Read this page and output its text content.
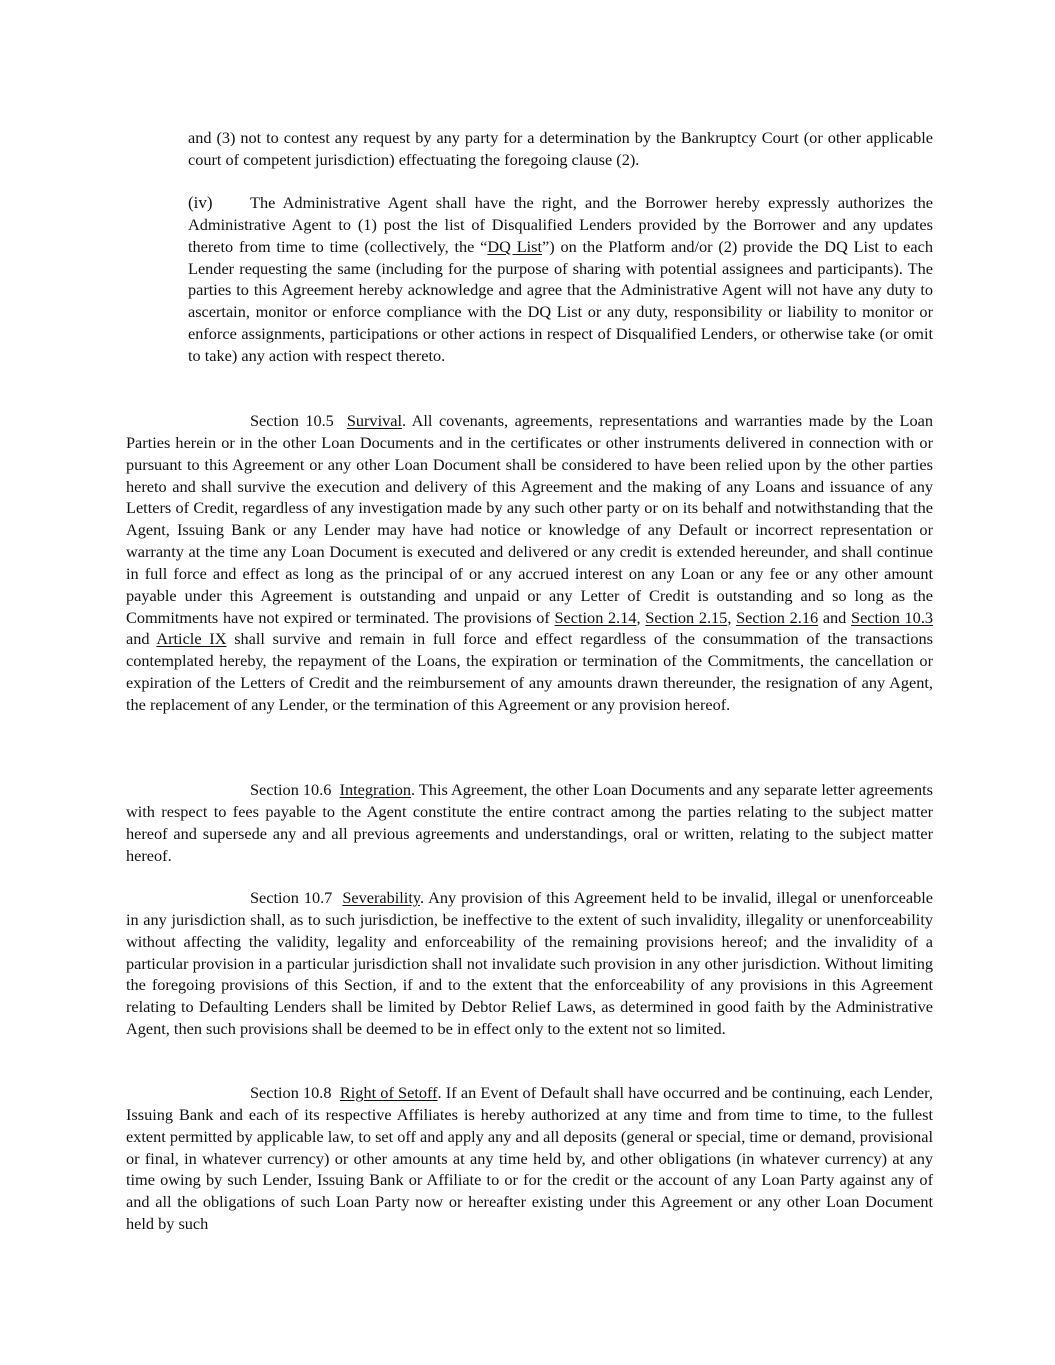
and (3) not to contest any request by any party for a determination by the Bankruptcy Court (or other applicable court of competent jurisdiction) effectuating the foregoing clause (2).

(iv) The Administrative Agent shall have the right, and the Borrower hereby expressly authorizes the Administrative Agent to (1) post the list of Disqualified Lenders provided by the Borrower and any updates thereto from time to time (collectively, the “DQ List”) on the Platform and/or (2) provide the DQ List to each Lender requesting the same (including for the purpose of sharing with potential assignees and participants). The parties to this Agreement hereby acknowledge and agree that the Administrative Agent will not have any duty to ascertain, monitor or enforce compliance with the DQ List or any duty, responsibility or liability to monitor or enforce assignments, participations or other actions in respect of Disqualified Lenders, or otherwise take (or omit to take) any action with respect thereto.

Section 10.5 Survival. All covenants, agreements, representations and warranties made by the Loan Parties herein or in the other Loan Documents and in the certificates or other instruments delivered in connection with or pursuant to this Agreement or any other Loan Document shall be considered to have been relied upon by the other parties hereto and shall survive the execution and delivery of this Agreement and the making of any Loans and issuance of any Letters of Credit, regardless of any investigation made by any such other party or on its behalf and notwithstanding that the Agent, Issuing Bank or any Lender may have had notice or knowledge of any Default or incorrect representation or warranty at the time any Loan Document is executed and delivered or any credit is extended hereunder, and shall continue in full force and effect as long as the principal of or any accrued interest on any Loan or any fee or any other amount payable under this Agreement is outstanding and unpaid or any Letter of Credit is outstanding and so long as the Commitments have not expired or terminated. The provisions of Section 2.14, Section 2.15, Section 2.16 and Section 10.3 and Article IX shall survive and remain in full force and effect regardless of the consummation of the transactions contemplated hereby, the repayment of the Loans, the expiration or termination of the Commitments, the cancellation or expiration of the Letters of Credit and the reimbursement of any amounts drawn thereunder, the resignation of any Agent, the replacement of any Lender, or the termination of this Agreement or any provision hereof.

Section 10.6 Integration. This Agreement, the other Loan Documents and any separate letter agreements with respect to fees payable to the Agent constitute the entire contract among the parties relating to the subject matter hereof and supersede any and all previous agreements and understandings, oral or written, relating to the subject matter hereof.

Section 10.7 Severability. Any provision of this Agreement held to be invalid, illegal or unenforceable in any jurisdiction shall, as to such jurisdiction, be ineffective to the extent of such invalidity, illegality or unenforceability without affecting the validity, legality and enforceability of the remaining provisions hereof; and the invalidity of a particular provision in a particular jurisdiction shall not invalidate such provision in any other jurisdiction. Without limiting the foregoing provisions of this Section, if and to the extent that the enforceability of any provisions in this Agreement relating to Defaulting Lenders shall be limited by Debtor Relief Laws, as determined in good faith by the Administrative Agent, then such provisions shall be deemed to be in effect only to the extent not so limited.

Section 10.8 Right of Setoff. If an Event of Default shall have occurred and be continuing, each Lender, Issuing Bank and each of its respective Affiliates is hereby authorized at any time and from time to time, to the fullest extent permitted by applicable law, to set off and apply any and all deposits (general or special, time or demand, provisional or final, in whatever currency) or other amounts at any time held by, and other obligations (in whatever currency) at any time owing by such Lender, Issuing Bank or Affiliate to or for the credit or the account of any Loan Party against any of and all the obligations of such Loan Party now or hereafter existing under this Agreement or any other Loan Document held by such
